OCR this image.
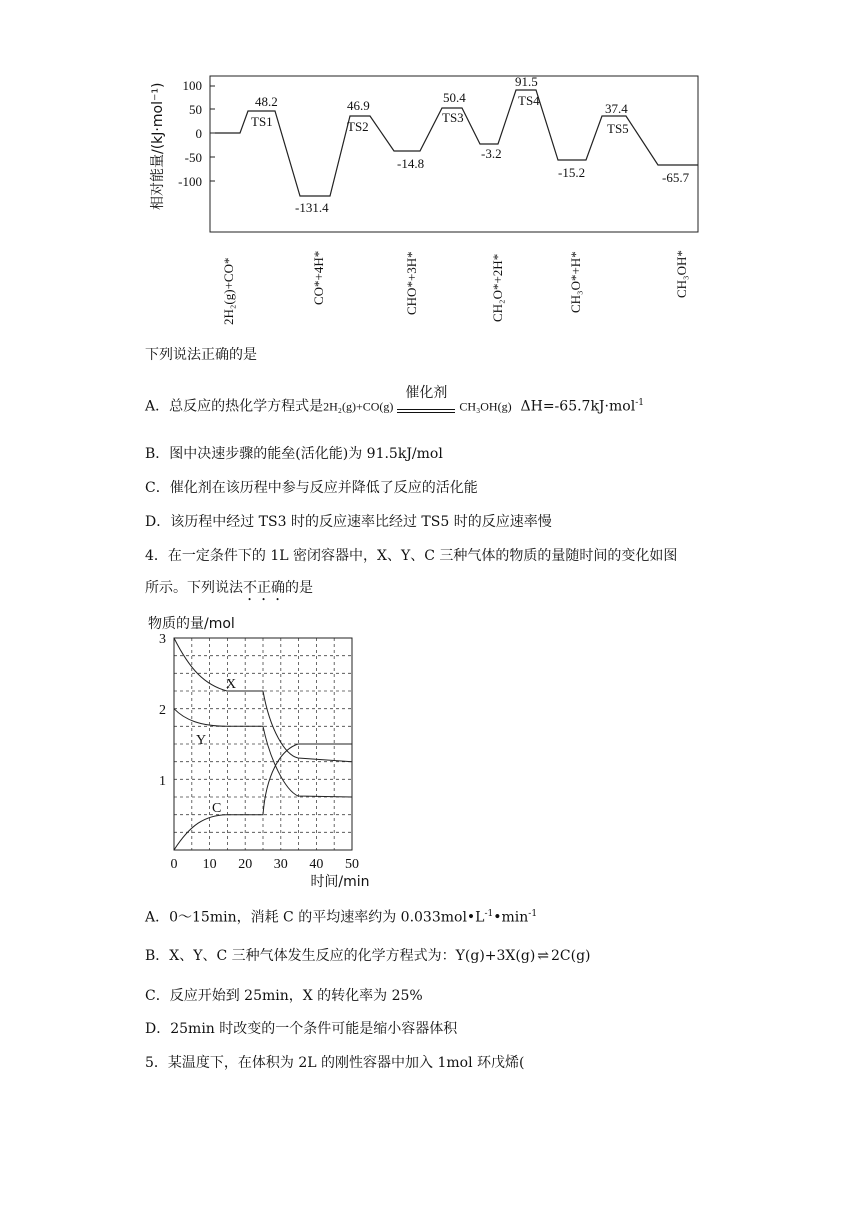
100
50
0
-50
-100
相对能量/(kJ·mol⁻¹)	48.2
TS1
-131.4
46.9
TS2
-14.8
50.4
TS3
-3.2
91.5
TS4
-15.2
37.4
TS5
-65.7
2H₂(g)+CO*	CO*+4H*	CHO*+3H*	CH₂O*+2H*	CH₃O*+H*	CH₃OH*
下列说法正确的是
A．总反应的热化学方程式是2H₂(g)+CO(g)
催化剂
CH₃OH(g) ΔH=-65.7kJ·mol$^{-1}$
B．图中决速步骤的能垒(活化能)为 91.5kJ/mol
C．催化剂在该历程中参与反应并降低了反应的活化能
D．该历程中经过 TS3 时的反应速率比经过 TS5 时的反应速率慢
4．在一定条件下的 1L 密闭容器中，X、Y、C 三种气体的物质的量随时间的变化如图
所示。下列说法不正确的是
物质的量/mol
X
Y
C
3
2
1
0 10 20 30 40 50
时间/min
A．0～15min，消耗 C 的平均速率约为 $0.033mol•L^{-1}•\min^{-1}$
B．X、Y、C 三种气体发生反应的化学方程式为：Y(g)+3X(g) ⇌ 2C(g)
C．反应开始到 25min，X 的转化率为 25%
D．25min 时改变的一个条件可能是缩小容器体积
5．某温度下，在体积为 2L 的刚性容器中加入 1mol 环戊烯(
